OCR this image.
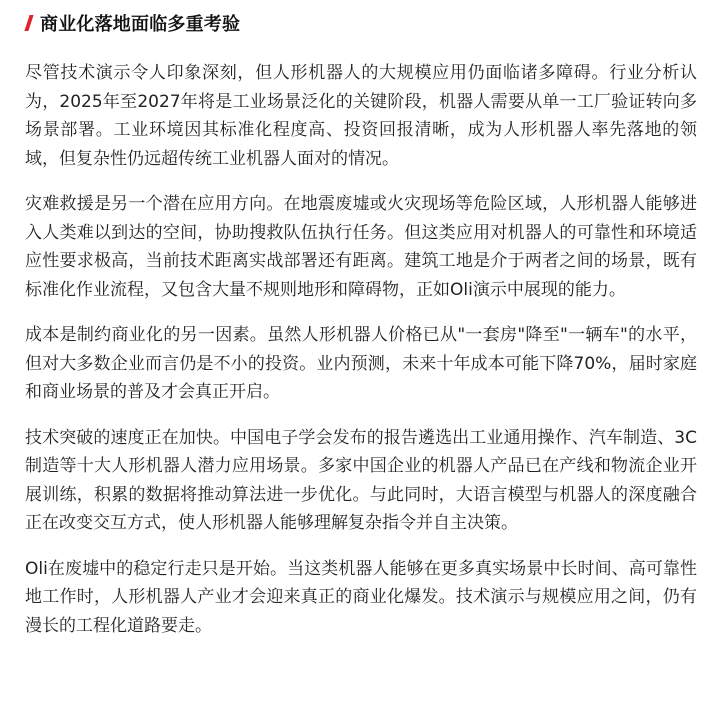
商业化落地面临多重考验

尽管技术演示令人印象深刻，但人形机器人的大规模应用仍面临诸多障碍。行业分析认为，2025年至2027年将是工业场景泛化的关键阶段，机器人需要从单一工厂验证转向多场景部署。工业环境因其标准化程度高、投资回报清晰，成为人形机器人率先落地的领域，但复杂性仍远超传统工业机器人面对的情况。

灾难救援是另一个潜在应用方向。在地震废墟或火灾现场等危险区域，人形机器人能够进入人类难以到达的空间，协助搜救队伍执行任务。但这类应用对机器人的可靠性和环境适应性要求极高，当前技术距离实战部署还有距离。建筑工地是介于两者之间的场景，既有标准化作业流程，又包含大量不规则地形和障碍物，正如Oli演示中展现的能力。

成本是制约商业化的另一因素。虽然人形机器人价格已从"一套房"降至"一辆车"的水平，但对大多数企业而言仍是不小的投资。业内预测，未来十年成本可能下降70%，届时家庭和商业场景的普及才会真正开启。

技术突破的速度正在加快。中国电子学会发布的报告遴选出工业通用操作、汽车制造、3C制造等十大人形机器人潜力应用场景。多家中国企业的机器人产品已在产线和物流企业开展训练，积累的数据将推动算法进一步优化。与此同时，大语言模型与机器人的深度融合正在改变交互方式，使人形机器人能够理解复杂指令并自主决策。

Oli在废墟中的稳定行走只是开始。当这类机器人能够在更多真实场景中长时间、高可靠性地工作时，人形机器人产业才会迎来真正的商业化爆发。技术演示与规模应用之间，仍有漫长的工程化道路要走。
